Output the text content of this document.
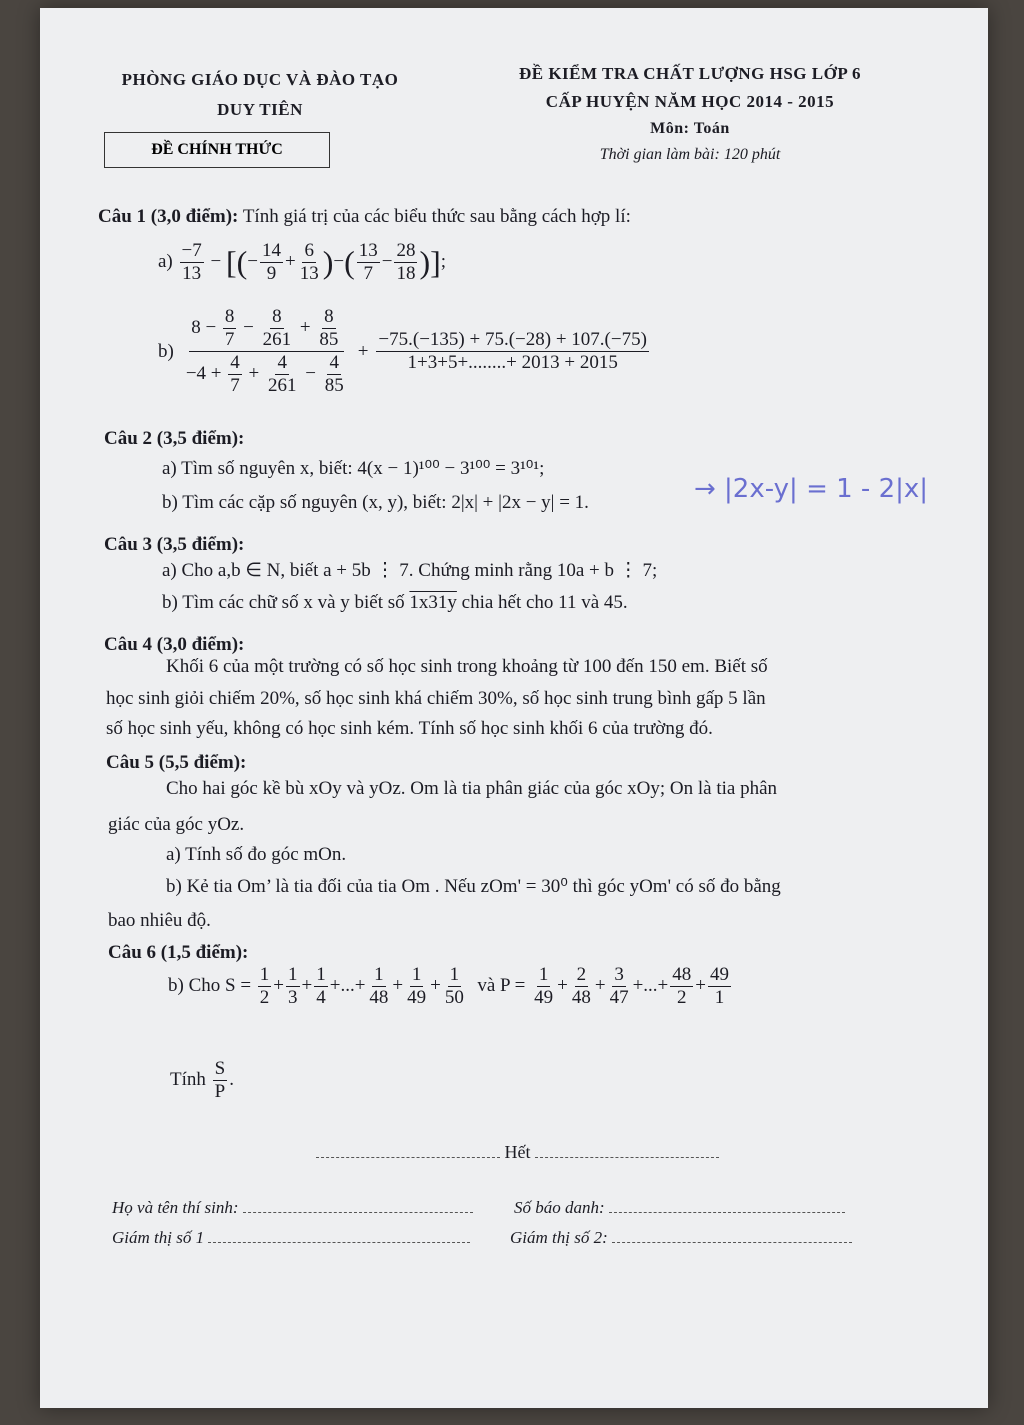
PHÒNG GIÁO DỤC VÀ ĐÀO TẠO
DUY TIÊN
ĐỀ CHÍNH THỨC
ĐỀ KIỂM TRA CHẤT LƯỢNG HSG LỚP 6
CẤP HUYỆN NĂM HỌC 2014 - 2015
Môn: Toán
Thời gian làm bài: 120 phút
Câu 1 (3,0 điểm): Tính giá trị của các biểu thức sau bằng cách hợp lí:
$a) \frac{-7}{13}$ − [(− $\frac{14}{9} + \frac{6}{13}$ )−( $\frac{13}{7} - \frac{28}{18}$ )];
$b) \frac{8 - \frac{8}{7} - \frac{8}{261} + \frac{8}{85}}{-4 + \frac{4}{7} + \frac{4}{261} - \frac{4}{85}} + \frac{-75.(-135) + 75.(-28) + 107.(-75)}{1+3+5+........+ 2013 + 2015}$
Câu 2 (3,5 điểm):
a) Tìm số nguyên x, biết: 4(x − 1)¹⁰⁰ − 3¹⁰⁰ = 3¹⁰¹;
b) Tìm các cặp số nguyên (x, y), biết: 2|x| + |2x − y| = 1.	→ |2x-y| = 1 - 2|x|
Câu 3 (3,5 điểm):
a) Cho a,b ∈ N, biết a + 5b ⋮ 7. Chứng minh rằng 10a + b ⋮ 7;
b) Tìm các chữ số x và y biết số 1x31y chia hết cho 11 và 45.
Câu 4 (3,0 điểm):
Khối 6 của một trường có số học sinh trong khoảng từ 100 đến 150 em. Biết số
học sinh giỏi chiếm 20%, số học sinh khá chiếm 30%, số học sinh trung bình gấp 5 lần
số học sinh yếu, không có học sinh kém. Tính số học sinh khối 6 của trường đó.
Câu 5 (5,5 điểm):
Cho hai góc kề bù xOy và yOz. Om là tia phân giác của góc xOy; On là tia phân
giác của góc yOz.
a) Tính số đo góc mOn.
b) Kẻ tia Om’ là tia đối của tia Om . Nếu zOm' = 30⁰ thì góc yOm' có số đo bằng
bao nhiêu độ.
Câu 6 (1,5 điểm):
b) Cho $S = \frac{1}{2} + \frac{1}{3} + \frac{1}{4}$ +...+ $\frac{1}{48} + \frac{1}{49} + \frac{1}{50}$ và $P = \frac{1}{49} + \frac{2}{48} + \frac{3}{47}$ +...+ $\frac{48}{2} + \frac{49}{1}$
Tính $\frac{S}{P}$ .
Hết
Họ và tên thí sinh:	Số báo danh:
Giám thị số 1	Giám thị số 2:
